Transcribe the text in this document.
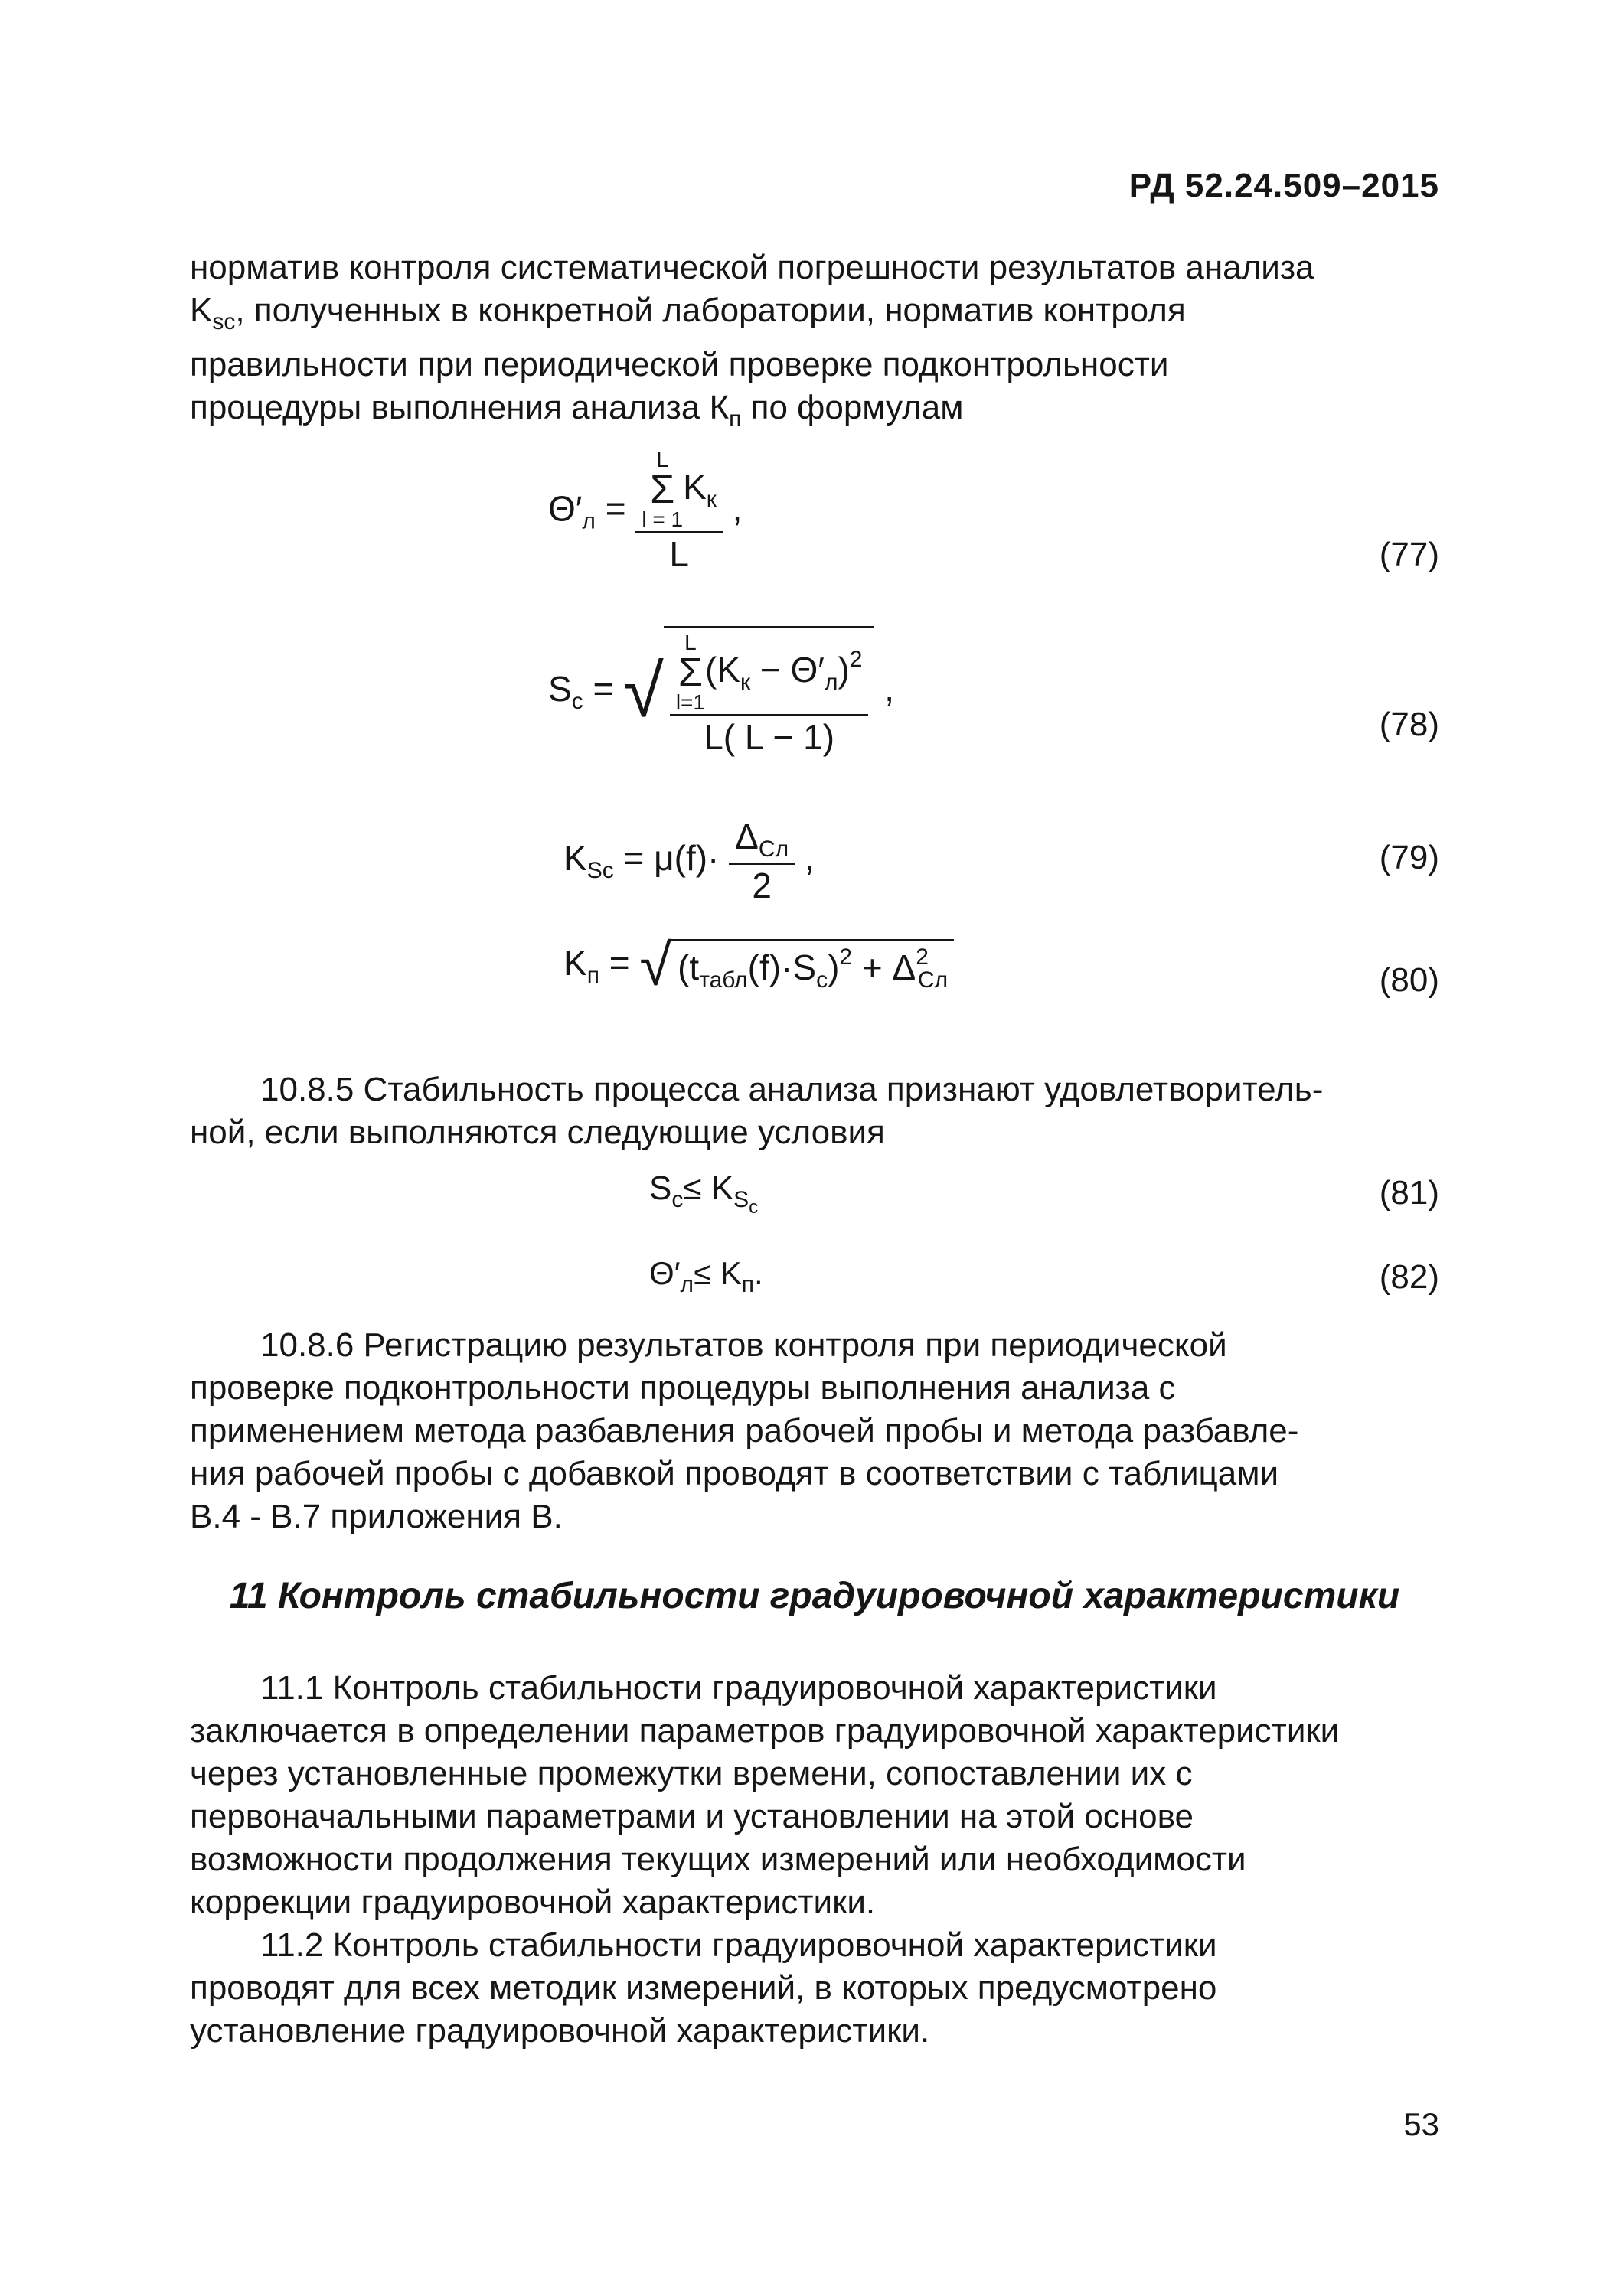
РД 52.24.509–2015
норматив контроля систематической погрешности результатов анализа
$K_{sc}$, полученных в конкретной лаборатории, норматив контроля
правильности при периодической проверке подконтрольности
процедуры выполнения анализа $К_п$ по формулам
$\Theta'_л = L$
Σ
l = 1
$K_к$
L ,
(77)
$S_c$ = √ L
Σ
l=1
$(K_к - \Theta'_л)^2$
L( L − 1) ,
(78)
$K_{Sc} = \mu(f)\cdot \frac{\Delta_{Сл}}{2}$ ,	(79)
$K_п$ = √ $(t_{табл}(f)\cdot S_c)^2 + \Delta^2_{Сл}$	(80)
10.8.5 Стабильность процесса анализа признают удовлетворитель-
ной, если выполняются следующие условия
$S_c\le K_{Sc}$	(81)
$\Theta'_л\le K_п$.	(82)
10.8.6 Регистрацию результатов контроля при периодической
проверке подконтрольности процедуры выполнения анализа с
применением метода разбавления рабочей пробы и метода разбавле-
ния рабочей пробы с добавкой проводят в соответствии с таблицами
В.4 - В.7 приложения В.
11 Контроль стабильности градуировочной характеристики
11.1 Контроль стабильности градуировочной характеристики
заключается в определении параметров градуировочной характеристики
через установленные промежутки времени, сопоставлении их с
первоначальными параметрами и установлении на этой основе
возможности продолжения текущих измерений или необходимости
коррекции градуировочной характеристики.
11.2 Контроль стабильности градуировочной характеристики
проводят для всех методик измерений, в которых предусмотрено
установление градуировочной характеристики.
53
